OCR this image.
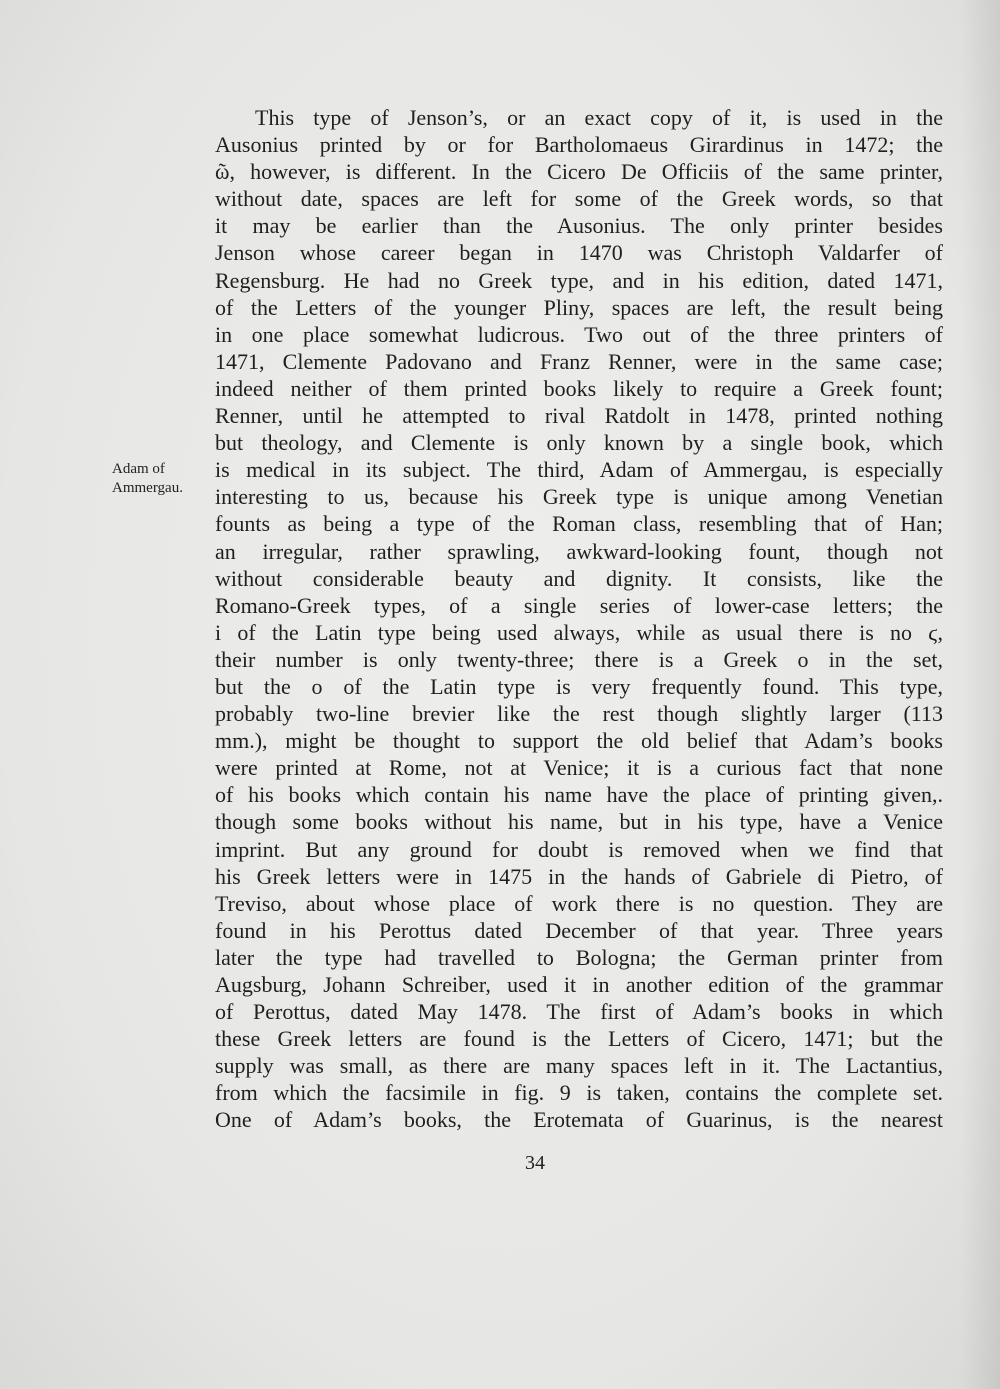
Adam of
Ammergau.
This type of Jenson’s, or an exact copy of it, is used in the
Ausonius printed by or for Bartholomaeus Girardinus in 1472; the
ῶ, however, is different. In the Cicero De Officiis of the same printer,
without date, spaces are left for some of the Greek words, so that
it may be earlier than the Ausonius. The only printer besides
Jenson whose career began in 1470 was Christoph Valdarfer of
Regensburg. He had no Greek type, and in his edition, dated 1471,
of the Letters of the younger Pliny, spaces are left, the result being
in one place somewhat ludicrous. Two out of the three printers of
1471, Clemente Padovano and Franz Renner, were in the same case;
indeed neither of them printed books likely to require a Greek fount;
Renner, until he attempted to rival Ratdolt in 1478, printed nothing
but theology, and Clemente is only known by a single book, which
is medical in its subject. The third, Adam of Ammergau, is especially
interesting to us, because his Greek type is unique among Venetian
founts as being a type of the Roman class, resembling that of Han;
an irregular, rather sprawling, awkward-looking fount, though not
without considerable beauty and dignity. It consists, like the
Romano-Greek types, of a single series of lower-case letters; the
i of the Latin type being used always, while as usual there is no ϛ,
their number is only twenty-three; there is a Greek o in the set,
but the o of the Latin type is very frequently found. This type,
probably two-line brevier like the rest though slightly larger (113
mm.), might be thought to support the old belief that Adam’s books
were printed at Rome, not at Venice; it is a curious fact that none
of his books which contain his name have the place of printing given,.
though some books without his name, but in his type, have a Venice
imprint. But any ground for doubt is removed when we find that
his Greek letters were in 1475 in the hands of Gabriele di Pietro, of
Treviso, about whose place of work there is no question. They are
found in his Perottus dated December of that year. Three years
later the type had travelled to Bologna; the German printer from
Augsburg, Johann Schreiber, used it in another edition of the grammar
of Perottus, dated May 1478. The first of Adam’s books in which
these Greek letters are found is the Letters of Cicero, 1471; but the
supply was small, as there are many spaces left in it. The Lactantius,
from which the facsimile in fig. 9 is taken, contains the complete set.
One of Adam’s books, the Erotemata of Guarinus, is the nearest
34
